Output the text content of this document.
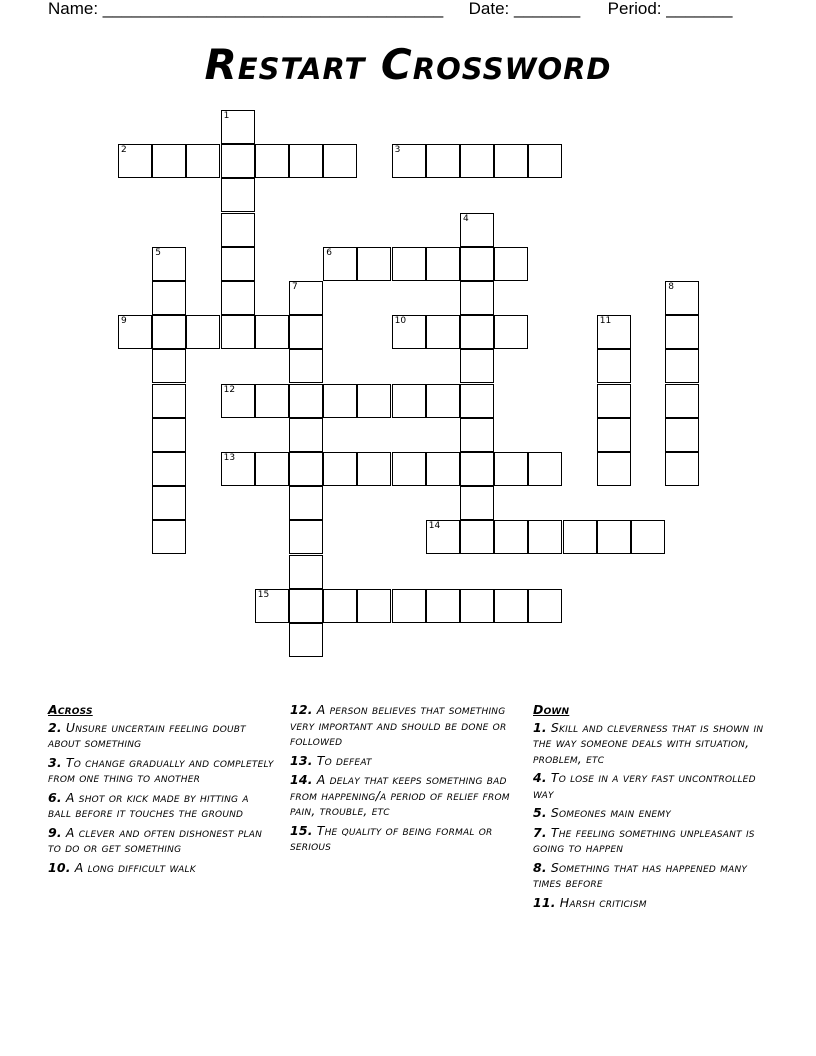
Name: ____________________________________ Date: _______ Period: _______
Restart Crossword
1
2	3
4
5	6
7	8
9	10	11
12
13
14
15
Across
2. Unsure uncertain feeling doubt about something
3. To change gradually and completely from one thing to another
6. A shot or kick made by hitting a ball before it touches the ground
9. A clever and often dishonest plan to do or get something
10. A long difficult walk
12. A person believes that something very important and should be done or followed
13. To defeat
14. A delay that keeps something bad from happening/a period of relief from pain, trouble, etc
15. The quality of being formal or serious
Down
1. Skill and cleverness that is shown in the way someone deals with situation, problem, etc
4. To lose in a very fast uncontrolled way
5. Someones main enemy
7. The feeling something unpleasant is going to happen
8. Something that has happened many times before
11. Harsh criticism
